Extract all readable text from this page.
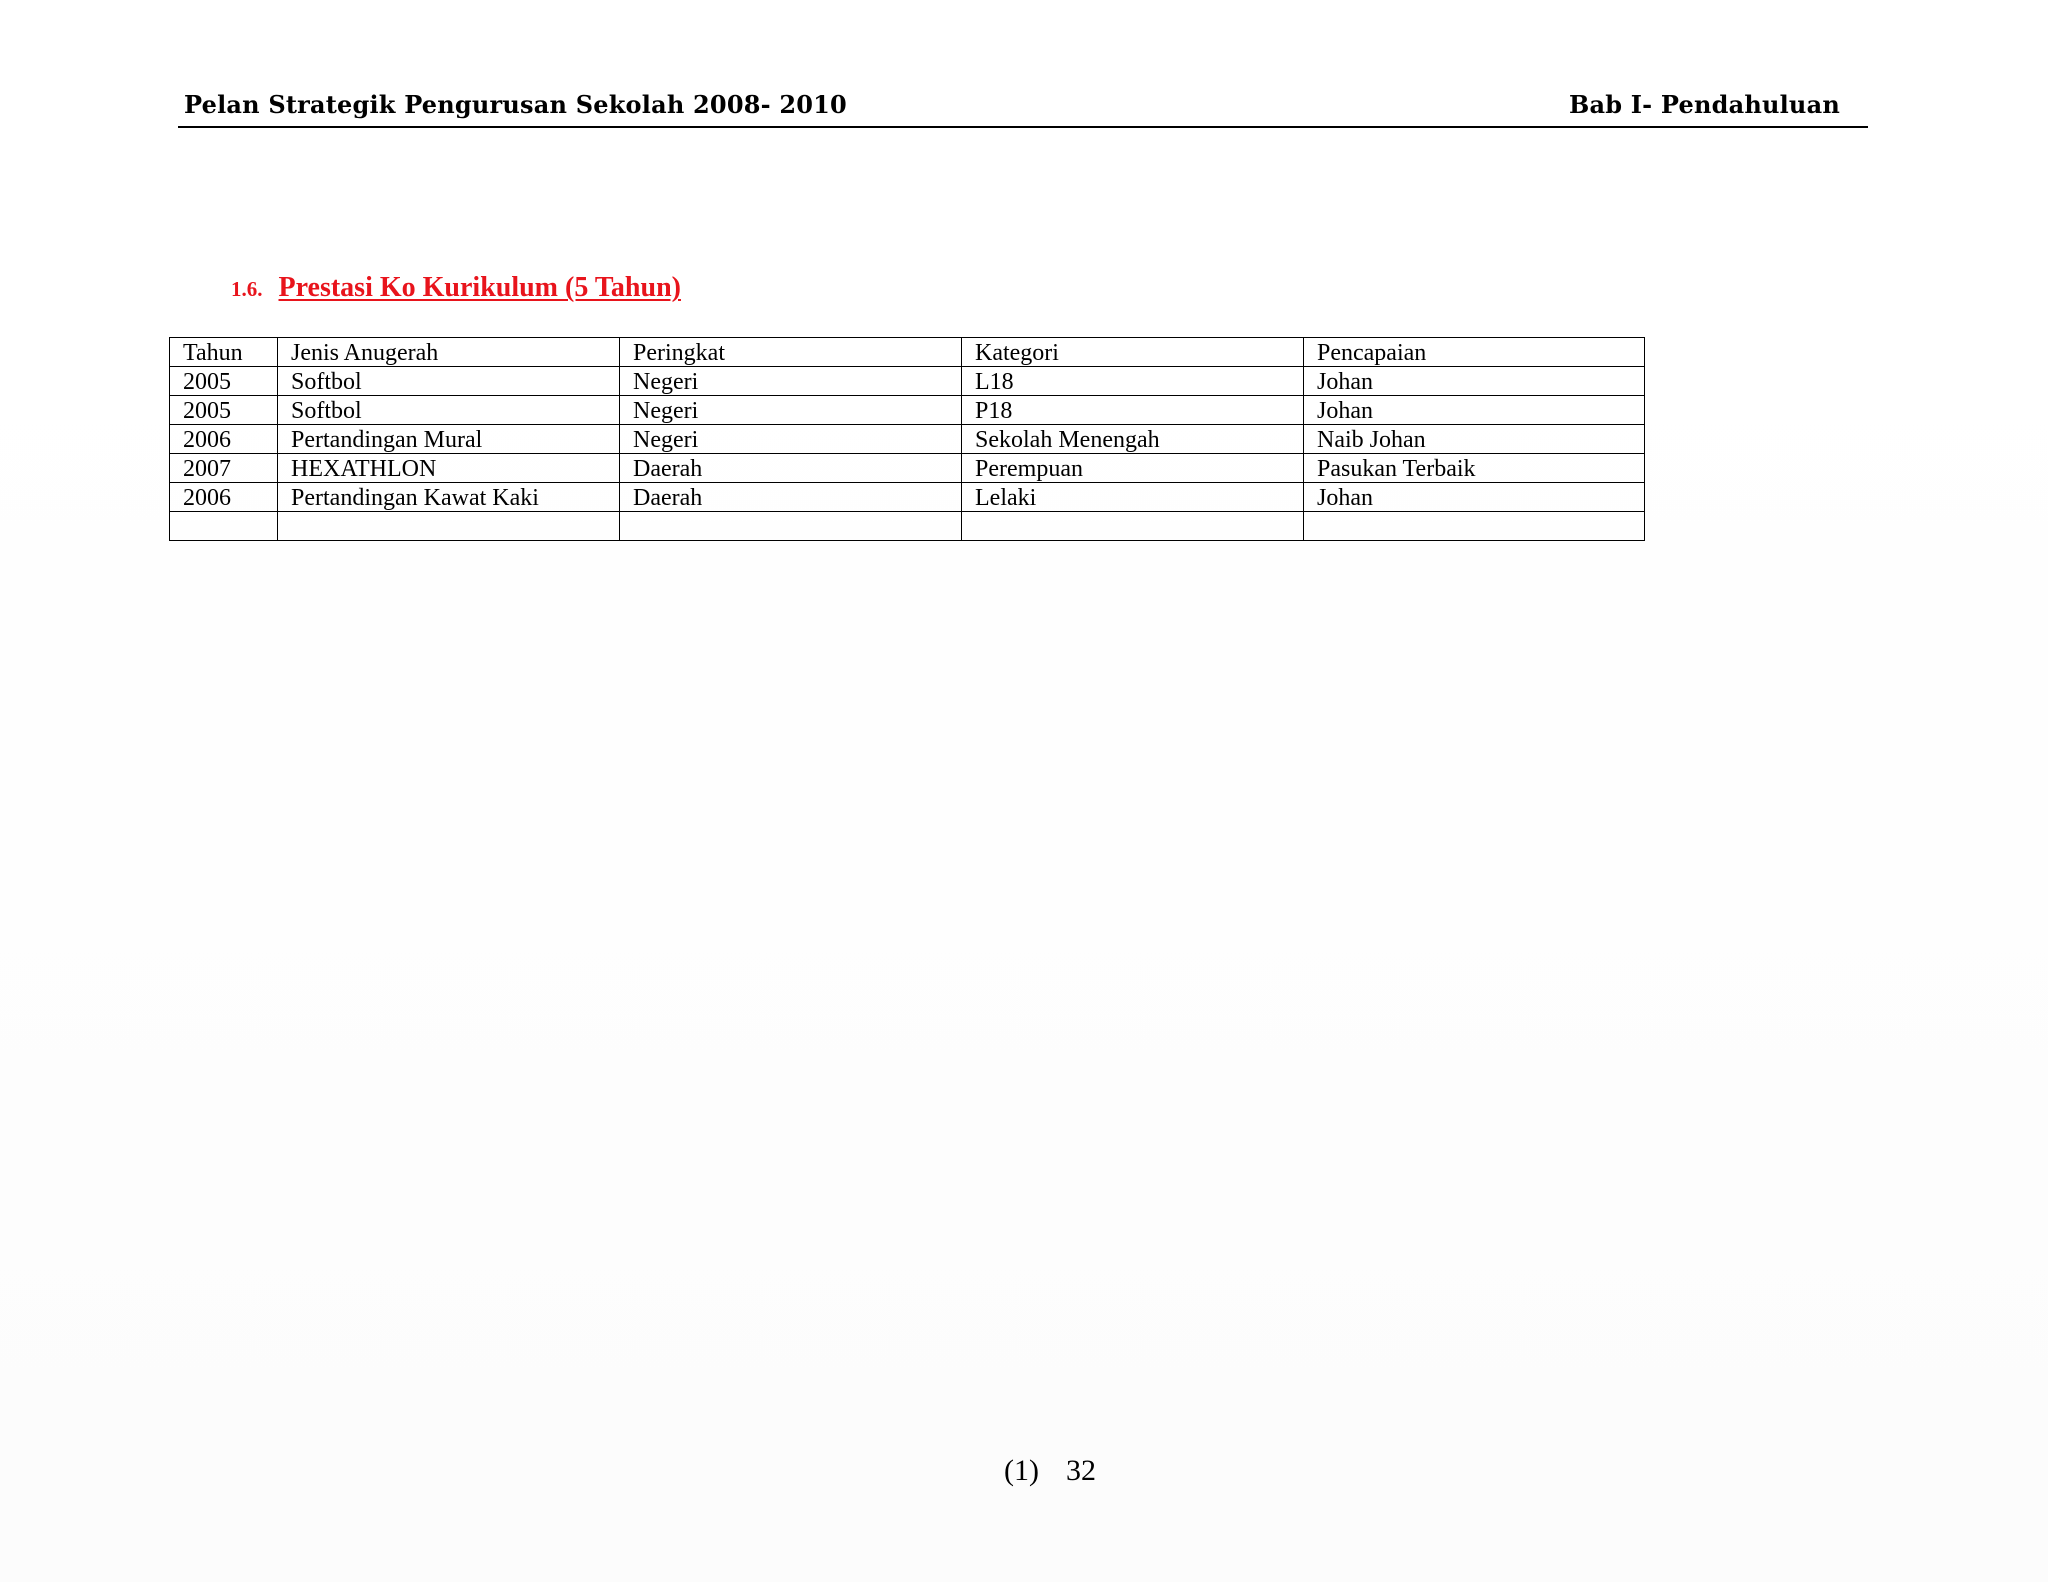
Pelan Strategik Pengurusan Sekolah 2008- 2010	Bab I- Pendahuluan
1.6. Prestasi Ko Kurikulum (5 Tahun)
Tahun	Jenis Anugerah	Peringkat	Kategori	Pencapaian

2005	Softbol	Negeri	L18	Johan

2005	Softbol	Negeri	P18	Johan

2006	Pertandingan Mural	Negeri	Sekolah Menengah	Naib Johan

2007	HEXATHLON	Daerah	Perempuan	Pasukan Terbaik

2006	Pertandingan Kawat Kaki	Daerah	Lelaki	Johan

(1) 32
